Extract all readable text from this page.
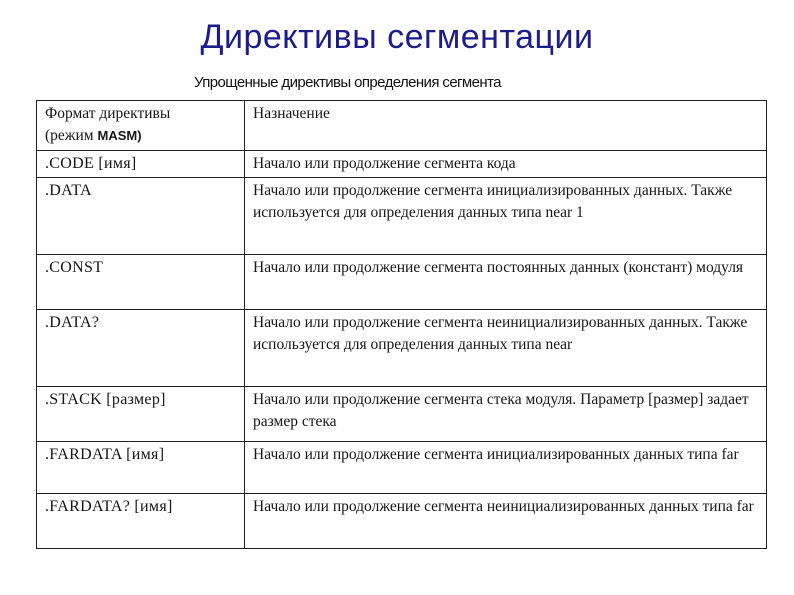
Директивы сегментации
Упрощенные директивы определения сегмента
Формат директивы
(режим MASM)	Назначение

.CODE [имя]	Начало или продолжение сегмента кода
.DATA	Начало или продолжение сегмента инициализированных данных. Также используется для определения данных типа near 1
.CONST	Начало или продолжение сегмента постоянных данных (констант) модуля
.DATA?	Начало или продолжение сегмента неинициализированных данных. Также используется для определения данных типа near
.STACK [размер]	Начало или продолжение сегмента стека модуля. Параметр [размер] задает размер стека
.FARDATA [имя]	Начало или продолжение сегмента инициализированных данных типа far
.FARDATA? [имя]	Начало или продолжение сегмента неинициализированных данных типа far
